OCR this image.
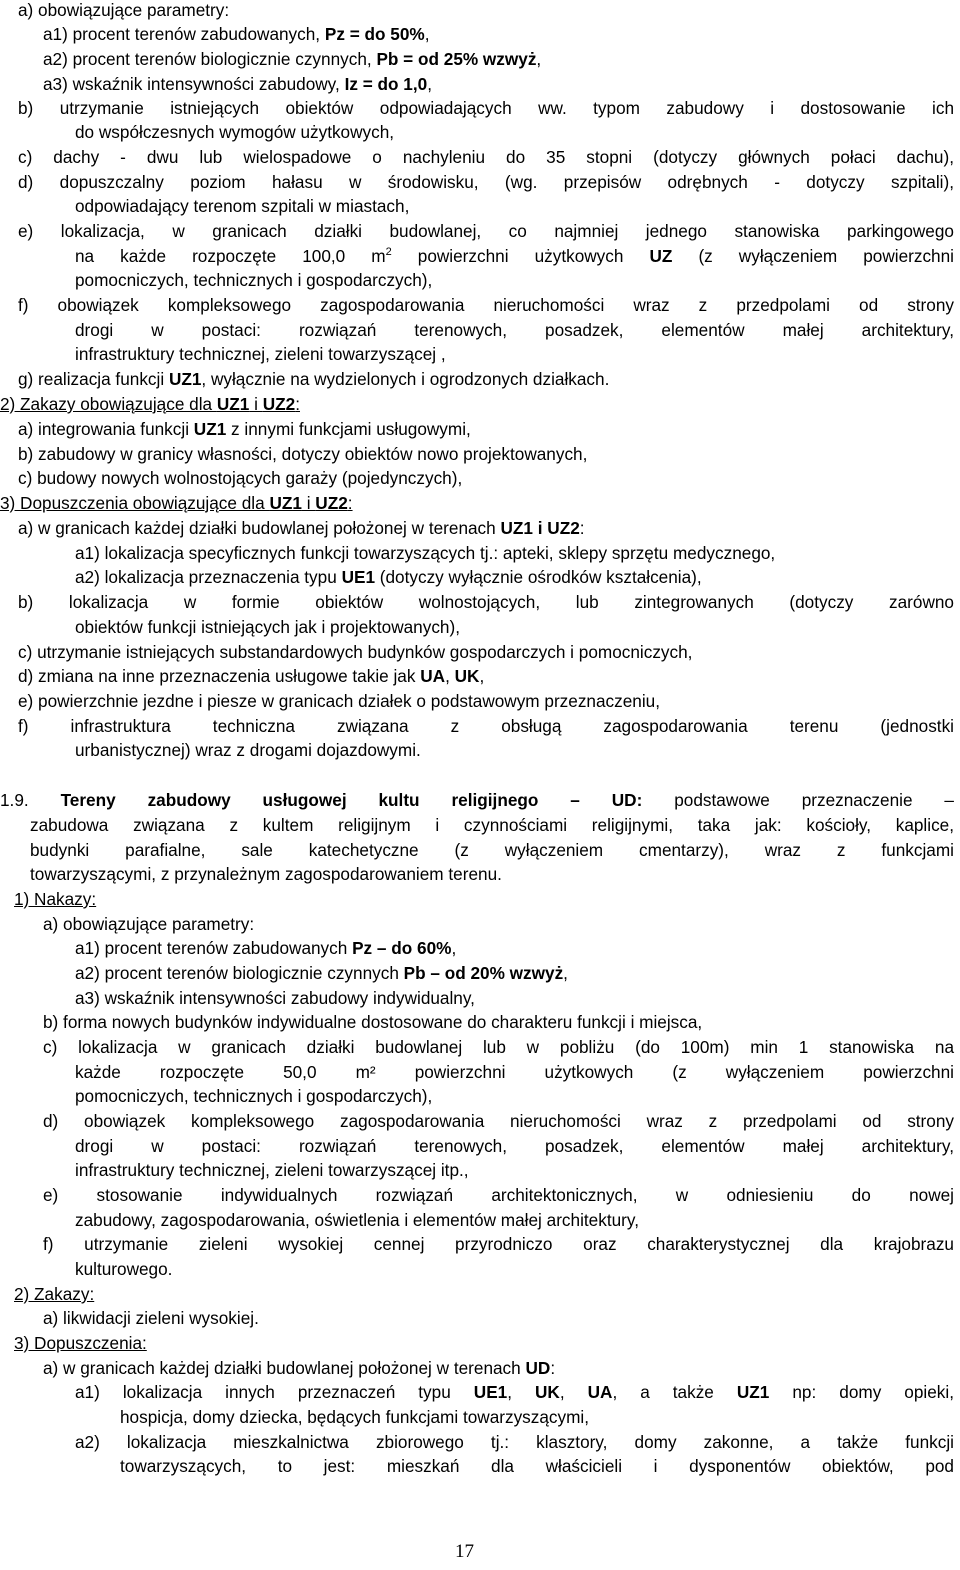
a) obowiązujące parametry:
a1) procent terenów zabudowanych, Pz = do 50%,
a2) procent terenów biologicznie czynnych, Pb = od 25% wzwyż,
a3) wskaźnik intensywności zabudowy, Iz = do 1,0,
b) utrzymanie istniejących obiektów odpowiadających ww. typom zabudowy i dostosowanie ich
do współczesnych wymogów użytkowych,
c) dachy - dwu lub wielospadowe o nachyleniu do 35 stopni (dotyczy głównych połaci dachu),
d) dopuszczalny poziom hałasu w środowisku, (wg. przepisów odrębnych - dotyczy szpitali),
odpowiadający terenom szpitali w miastach,
e) lokalizacja, w granicach działki budowlanej, co najmniej jednego stanowiska parkingowego
na każde rozpoczęte 100,0 $m^2$ powierzchni użytkowych UZ (z wyłączeniem powierzchni
pomocniczych, technicznych i gospodarczych),
f) obowiązek kompleksowego zagospodarowania nieruchomości wraz z przedpolami od strony
drogi w postaci: rozwiązań terenowych, posadzek, elementów małej architektury,
infrastruktury technicznej, zieleni towarzyszącej ,
g) realizacja funkcji UZ1, wyłącznie na wydzielonych i ogrodzonych działkach.
2) Zakazy obowiązujące dla UZ1 i UZ2:
a) integrowania funkcji UZ1 z innymi funkcjami usługowymi,
b) zabudowy w granicy własności, dotyczy obiektów nowo projektowanych,
c) budowy nowych wolnostojących garaży (pojedynczych),
3) Dopuszczenia obowiązujące dla UZ1 i UZ2:
a) w granicach każdej działki budowlanej położonej w terenach UZ1 i UZ2:
a1) lokalizacja specyficznych funkcji towarzyszących tj.: apteki, sklepy sprzętu medycznego,
a2) lokalizacja przeznaczenia typu UE1 (dotyczy wyłącznie ośrodków kształcenia),
b) lokalizacja w formie obiektów wolnostojących, lub zintegrowanych (dotyczy zarówno
obiektów funkcji istniejących jak i projektowanych),
c) utrzymanie istniejących substandardowych budynków gospodarczych i pomocniczych,
d) zmiana na inne przeznaczenia usługowe takie jak UA, UK,
e) powierzchnie jezdne i piesze w granicach działek o podstawowym przeznaczeniu,
f) infrastruktura techniczna związana z obsługą zagospodarowania terenu (jednostki
urbanistycznej) wraz z drogami dojazdowymi.
1.9. Tereny zabudowy usługowej kultu religijnego – UD: podstawowe przeznaczenie –
zabudowa związana z kultem religijnym i czynnościami religijnymi, taka jak: kościoły, kaplice,
budynki parafialne, sale katechetyczne (z wyłączeniem cmentarzy), wraz z funkcjami
towarzyszącymi, z przynależnym zagospodarowaniem terenu.
1) Nakazy:
a) obowiązujące parametry:
a1) procent terenów zabudowanych Pz – do 60%,
a2) procent terenów biologicznie czynnych Pb – od 20% wzwyż,
a3) wskaźnik intensywności zabudowy indywidualny,
b) forma nowych budynków indywidualne dostosowane do charakteru funkcji i miejsca,
c) lokalizacja w granicach działki budowlanej lub w pobliżu (do 100m) min 1 stanowiska na
każde rozpoczęte 50,0 m² powierzchni użytkowych (z wyłączeniem powierzchni
pomocniczych, technicznych i gospodarczych),
d) obowiązek kompleksowego zagospodarowania nieruchomości wraz z przedpolami od strony
drogi w postaci: rozwiązań terenowych, posadzek, elementów małej architektury,
infrastruktury technicznej, zieleni towarzyszącej itp.,
e) stosowanie indywidualnych rozwiązań architektonicznych, w odniesieniu do nowej
zabudowy, zagospodarowania, oświetlenia i elementów małej architektury,
f) utrzymanie zieleni wysokiej cennej przyrodniczo oraz charakterystycznej dla krajobrazu
kulturowego.
2) Zakazy:
a) likwidacji zieleni wysokiej.
3) Dopuszczenia:
a) w granicach każdej działki budowlanej położonej w terenach UD:
a1) lokalizacja innych przeznaczeń typu UE1, UK, UA, a także UZ1 np: domy opieki,
hospicja, domy dziecka, będących funkcjami towarzyszącymi,
a2) lokalizacja mieszkalnictwa zbiorowego tj.: klasztory, domy zakonne, a także funkcji
towarzyszących, to jest: mieszkań dla właścicieli i dysponentów obiektów, pod
17
